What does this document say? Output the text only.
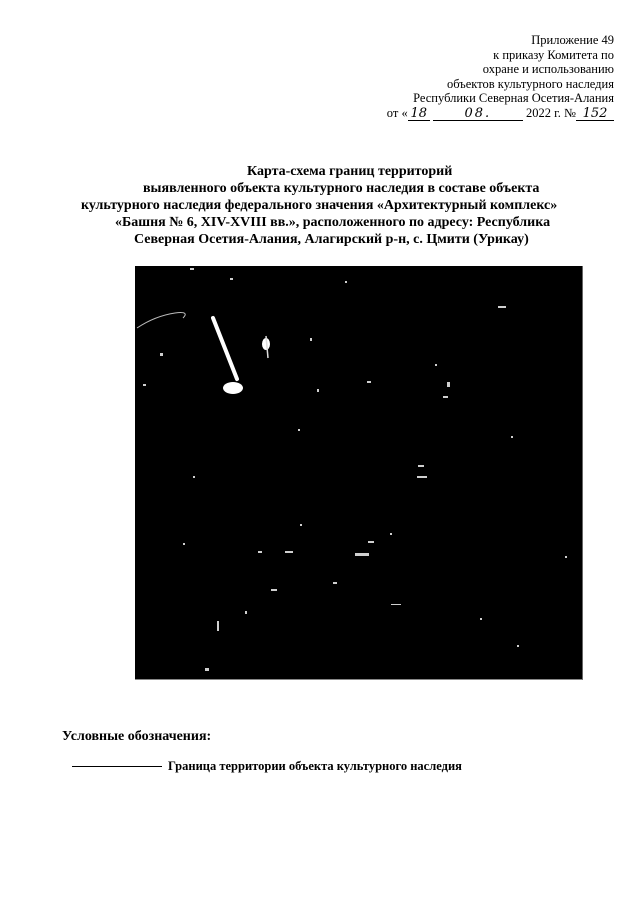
Приложение 49
к приказу Комитета по
охране и использованию
объектов культурного наследия
Республики Северная Осетия-Алания
от « 18	08.	2022 г. № 152
Карта-схема границ территорий
выявленного объекта культурного наследия в составе объекта
культурного наследия федерального значения «Архитектурный комплекс»
«Башня № 6, XIV-XVIII вв.», расположенного по адресу: Республика
Северная Осетия-Алания, Алагирский р-н, с. Цмити (Урикау)
Условные обозначения:
Граница территории объекта культурного наследия
